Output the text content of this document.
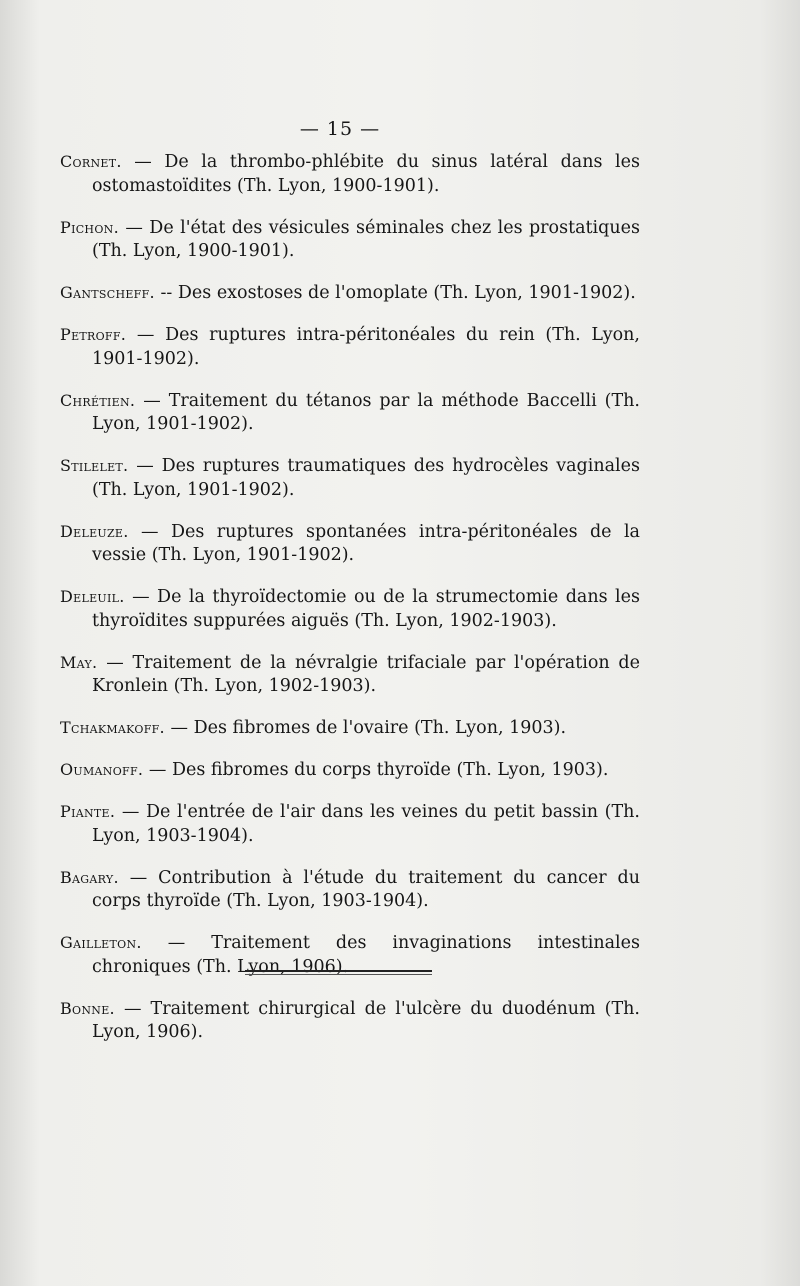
— 15 —

Cornet. — De la thrombo-phlébite du sinus latéral dans les ostomastoïdites (Th. Lyon, 1900-1901).

Pichon. — De l'état des vésicules séminales chez les prostatiques (Th. Lyon, 1900-1901).

Gantscheff. -- Des exostoses de l'omoplate (Th. Lyon, 1901-1902).

Petroff. — Des ruptures intra-péritonéales du rein (Th. Lyon, 1901-1902).

Chrétien. — Traitement du tétanos par la méthode Baccelli (Th. Lyon, 1901-1902).

Stilelet. — Des ruptures traumatiques des hydrocèles vaginales (Th. Lyon, 1901-1902).

Deleuze. — Des ruptures spontanées intra-péritonéales de la vessie (Th. Lyon, 1901-1902).

Deleuil. — De la thyroïdectomie ou de la strumectomie dans les thyroïdites suppurées aiguës (Th. Lyon, 1902-1903).

May. — Traitement de la névralgie trifaciale par l'opération de Kronlein (Th. Lyon, 1902-1903).

Tchakmakoff. — Des fibromes de l'ovaire (Th. Lyon, 1903).

Oumanoff. — Des fibromes du corps thyroïde (Th. Lyon, 1903).

Piante. — De l'entrée de l'air dans les veines du petit bassin (Th. Lyon, 1903-1904).

Bagary. — Contribution à l'étude du traitement du cancer du corps thyroïde (Th. Lyon, 1903-1904).

Gailleton. — Traitement des invaginations intestinales chroniques (Th. Lyon, 1906).

Bonne. — Traitement chirurgical de l'ulcère du duodénum (Th. Lyon, 1906).
